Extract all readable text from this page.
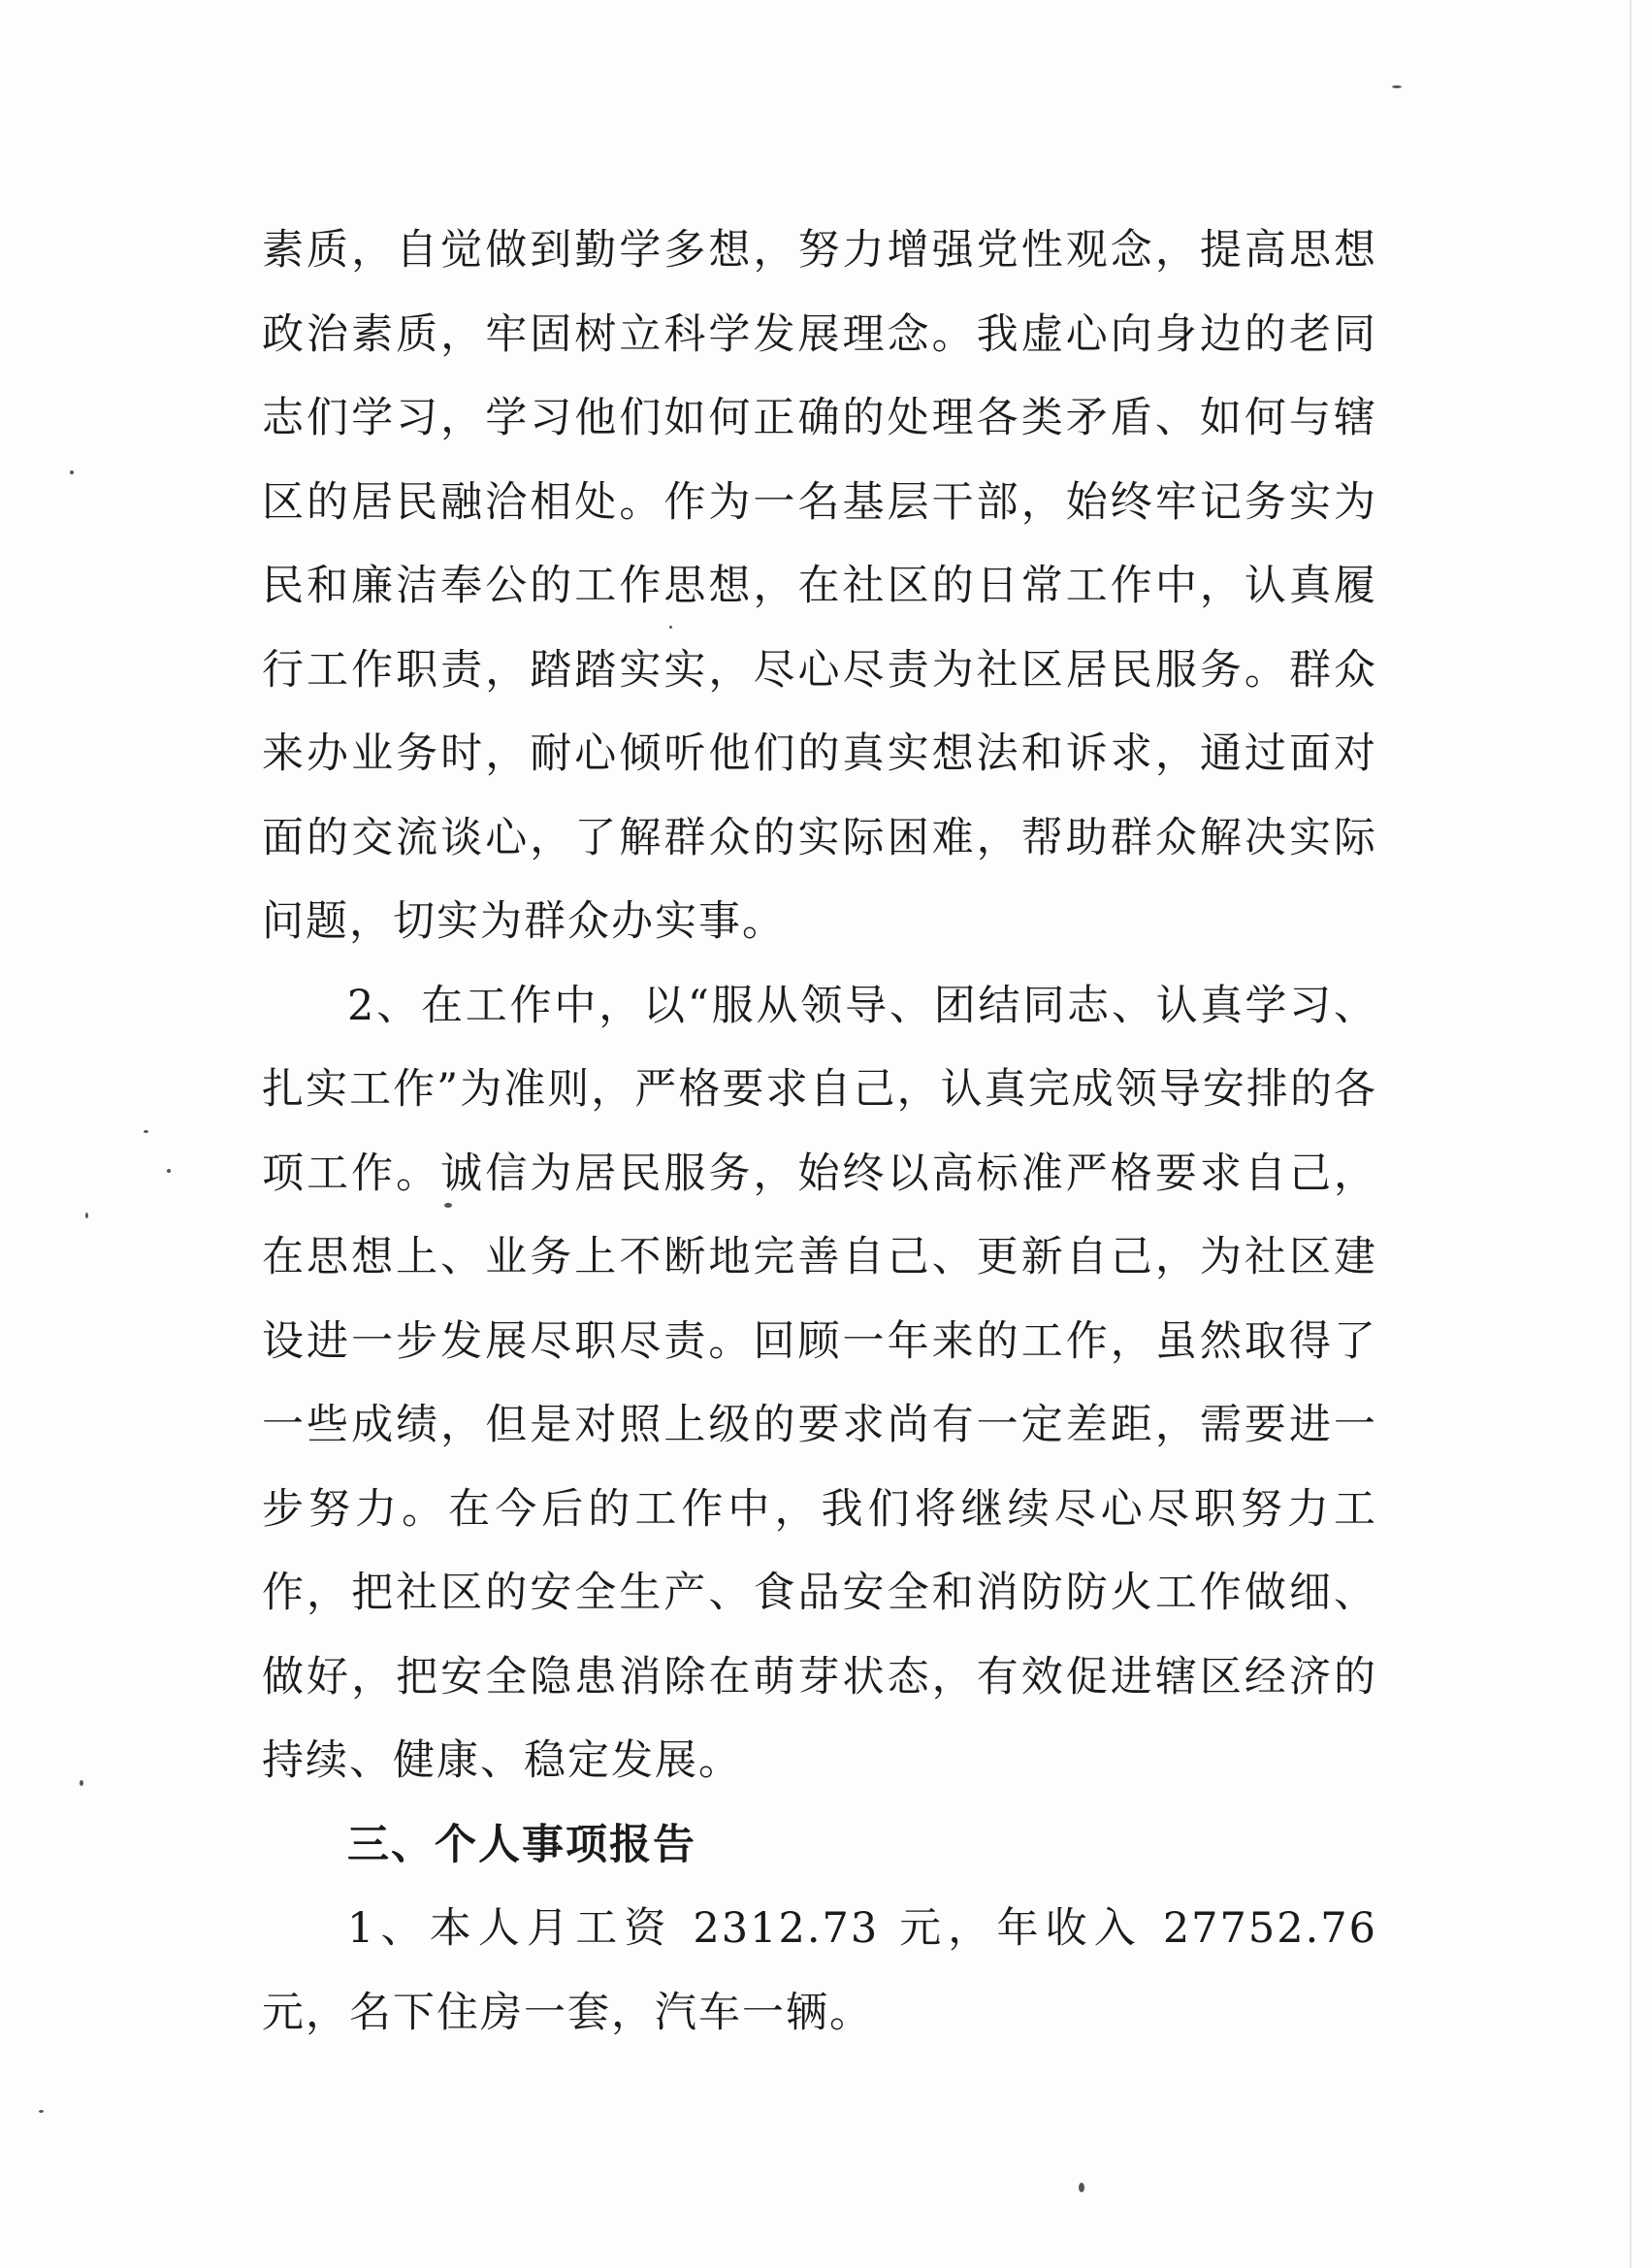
素质，自觉做到勤学多想，努力增强党性观念，提高思想政治素质，牢固树立科学发展理念。我虚心向身边的老同志们学习，学习他们如何正确的处理各类矛盾、如何与辖区的居民融洽相处。作为一名基层干部，始终牢记务实为民和廉洁奉公的工作思想，在社区的日常工作中，认真履行工作职责，踏踏实实，尽心尽责为社区居民服务。群众来办业务时，耐心倾听他们的真实想法和诉求，通过面对面的交流谈心，了解群众的实际困难，帮助群众解决实际问题，切实为群众办实事。

2、在工作中，以“服从领导、团结同志、认真学习、扎实工作”为准则，严格要求自己，认真完成领导安排的各项工作。诚信为居民服务，始终以高标准严格要求自己，在思想上、业务上不断地完善自己、更新自己，为社区建设进一步发展尽职尽责。回顾一年来的工作，虽然取得了一些成绩，但是对照上级的要求尚有一定差距，需要进一步努力。在今后的工作中，我们将继续尽心尽职努力工作，把社区的安全生产、食品安全和消防防火工作做细、做好，把安全隐患消除在萌芽状态，有效促进辖区经济的持续、健康、稳定发展。

三、个人事项报告

1、本人月工资 2312.73 元，年收入 27752.76 元，名下住房一套，汽车一辆。
